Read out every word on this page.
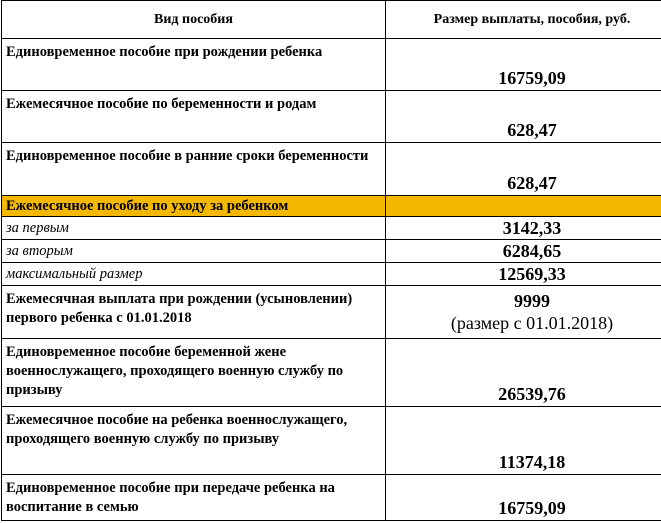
Вид пособия	Размер выплаты, пособия, руб.
Единовременное пособие при рождении ребенка	16759,09
Ежемесячное пособие по беременности и родам	628,47
Единовременное пособие в ранние сроки беременности	628,47
Ежемесячное пособие по уходу за ребенком	
за первым	3142,33
за вторым	6284,65
максимальный размер	12569,33
Ежемесячная выплата при рождении (усыновлении) первого ребенка с 01.01.2018	9999
(размер с 01.01.2018)
Единовременное пособие беременной жене военнослужащего, проходящего военную службу по призыву	26539,76
Ежемесячное пособие на ребенка военнослужащего, проходящего военную службу по призыву	11374,18
Единовременное пособие при передаче ребенка на воспитание в семью	16759,09
